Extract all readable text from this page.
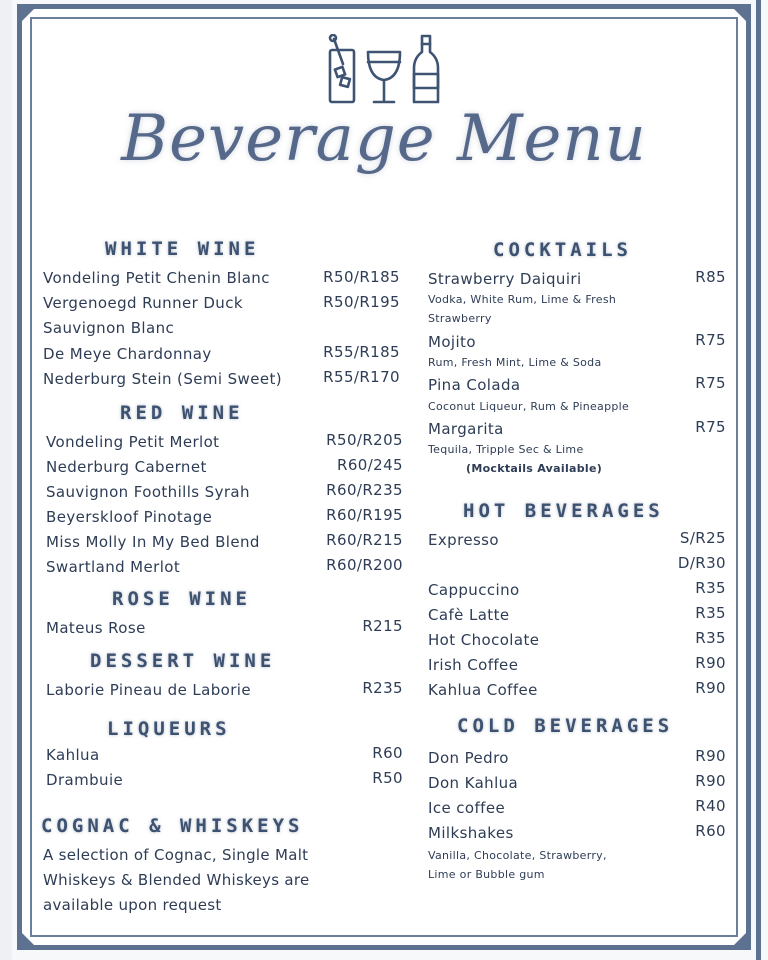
Beverage Menu
WHITE WINE
Vondeling Petit Chenin Blanc	R50/R185
Vergenoegd Runner Duck	R50/R195
Sauvignon Blanc
De Meye Chardonnay	R55/R185
Nederburg Stein (Semi Sweet)	R55/R170
RED WINE
Vondeling Petit Merlot	R50/R205
Nederburg Cabernet	R60/245
Sauvignon Foothills Syrah	R60/R235
Beyerskloof Pinotage	R60/R195
Miss Molly In My Bed Blend	R60/R215
Swartland Merlot	R60/R200
ROSE WINE
Mateus Rose	R215
DESSERT WINE
Laborie Pineau de Laborie	R235
LIQUEURS
Kahlua	R60
Drambuie	R50
COGNAC & WHISKEYS
A selection of Cognac, Single Malt
Whiskeys & Blended Whiskeys are
available upon request
COCKTAILS
Strawberry Daiquiri	R85
Vodka, White Rum, Lime & Fresh
Strawberry
Mojito	R75
Rum, Fresh Mint, Lime & Soda
Pina Colada	R75
Coconut Liqueur, Rum & Pineapple
Margarita	R75
Tequila, Tripple Sec & Lime
(Mocktails Available)
HOT BEVERAGES
Expresso	S/R25
D/R30
Cappuccino	R35
Cafè Latte	R35
Hot Chocolate	R35
Irish Coffee	R90
Kahlua Coffee	R90
COLD BEVERAGES
Don Pedro	R90
Don Kahlua	R90
Ice coffee	R40
Milkshakes	R60
Vanilla, Chocolate, Strawberry,
Lime or Bubble gum
